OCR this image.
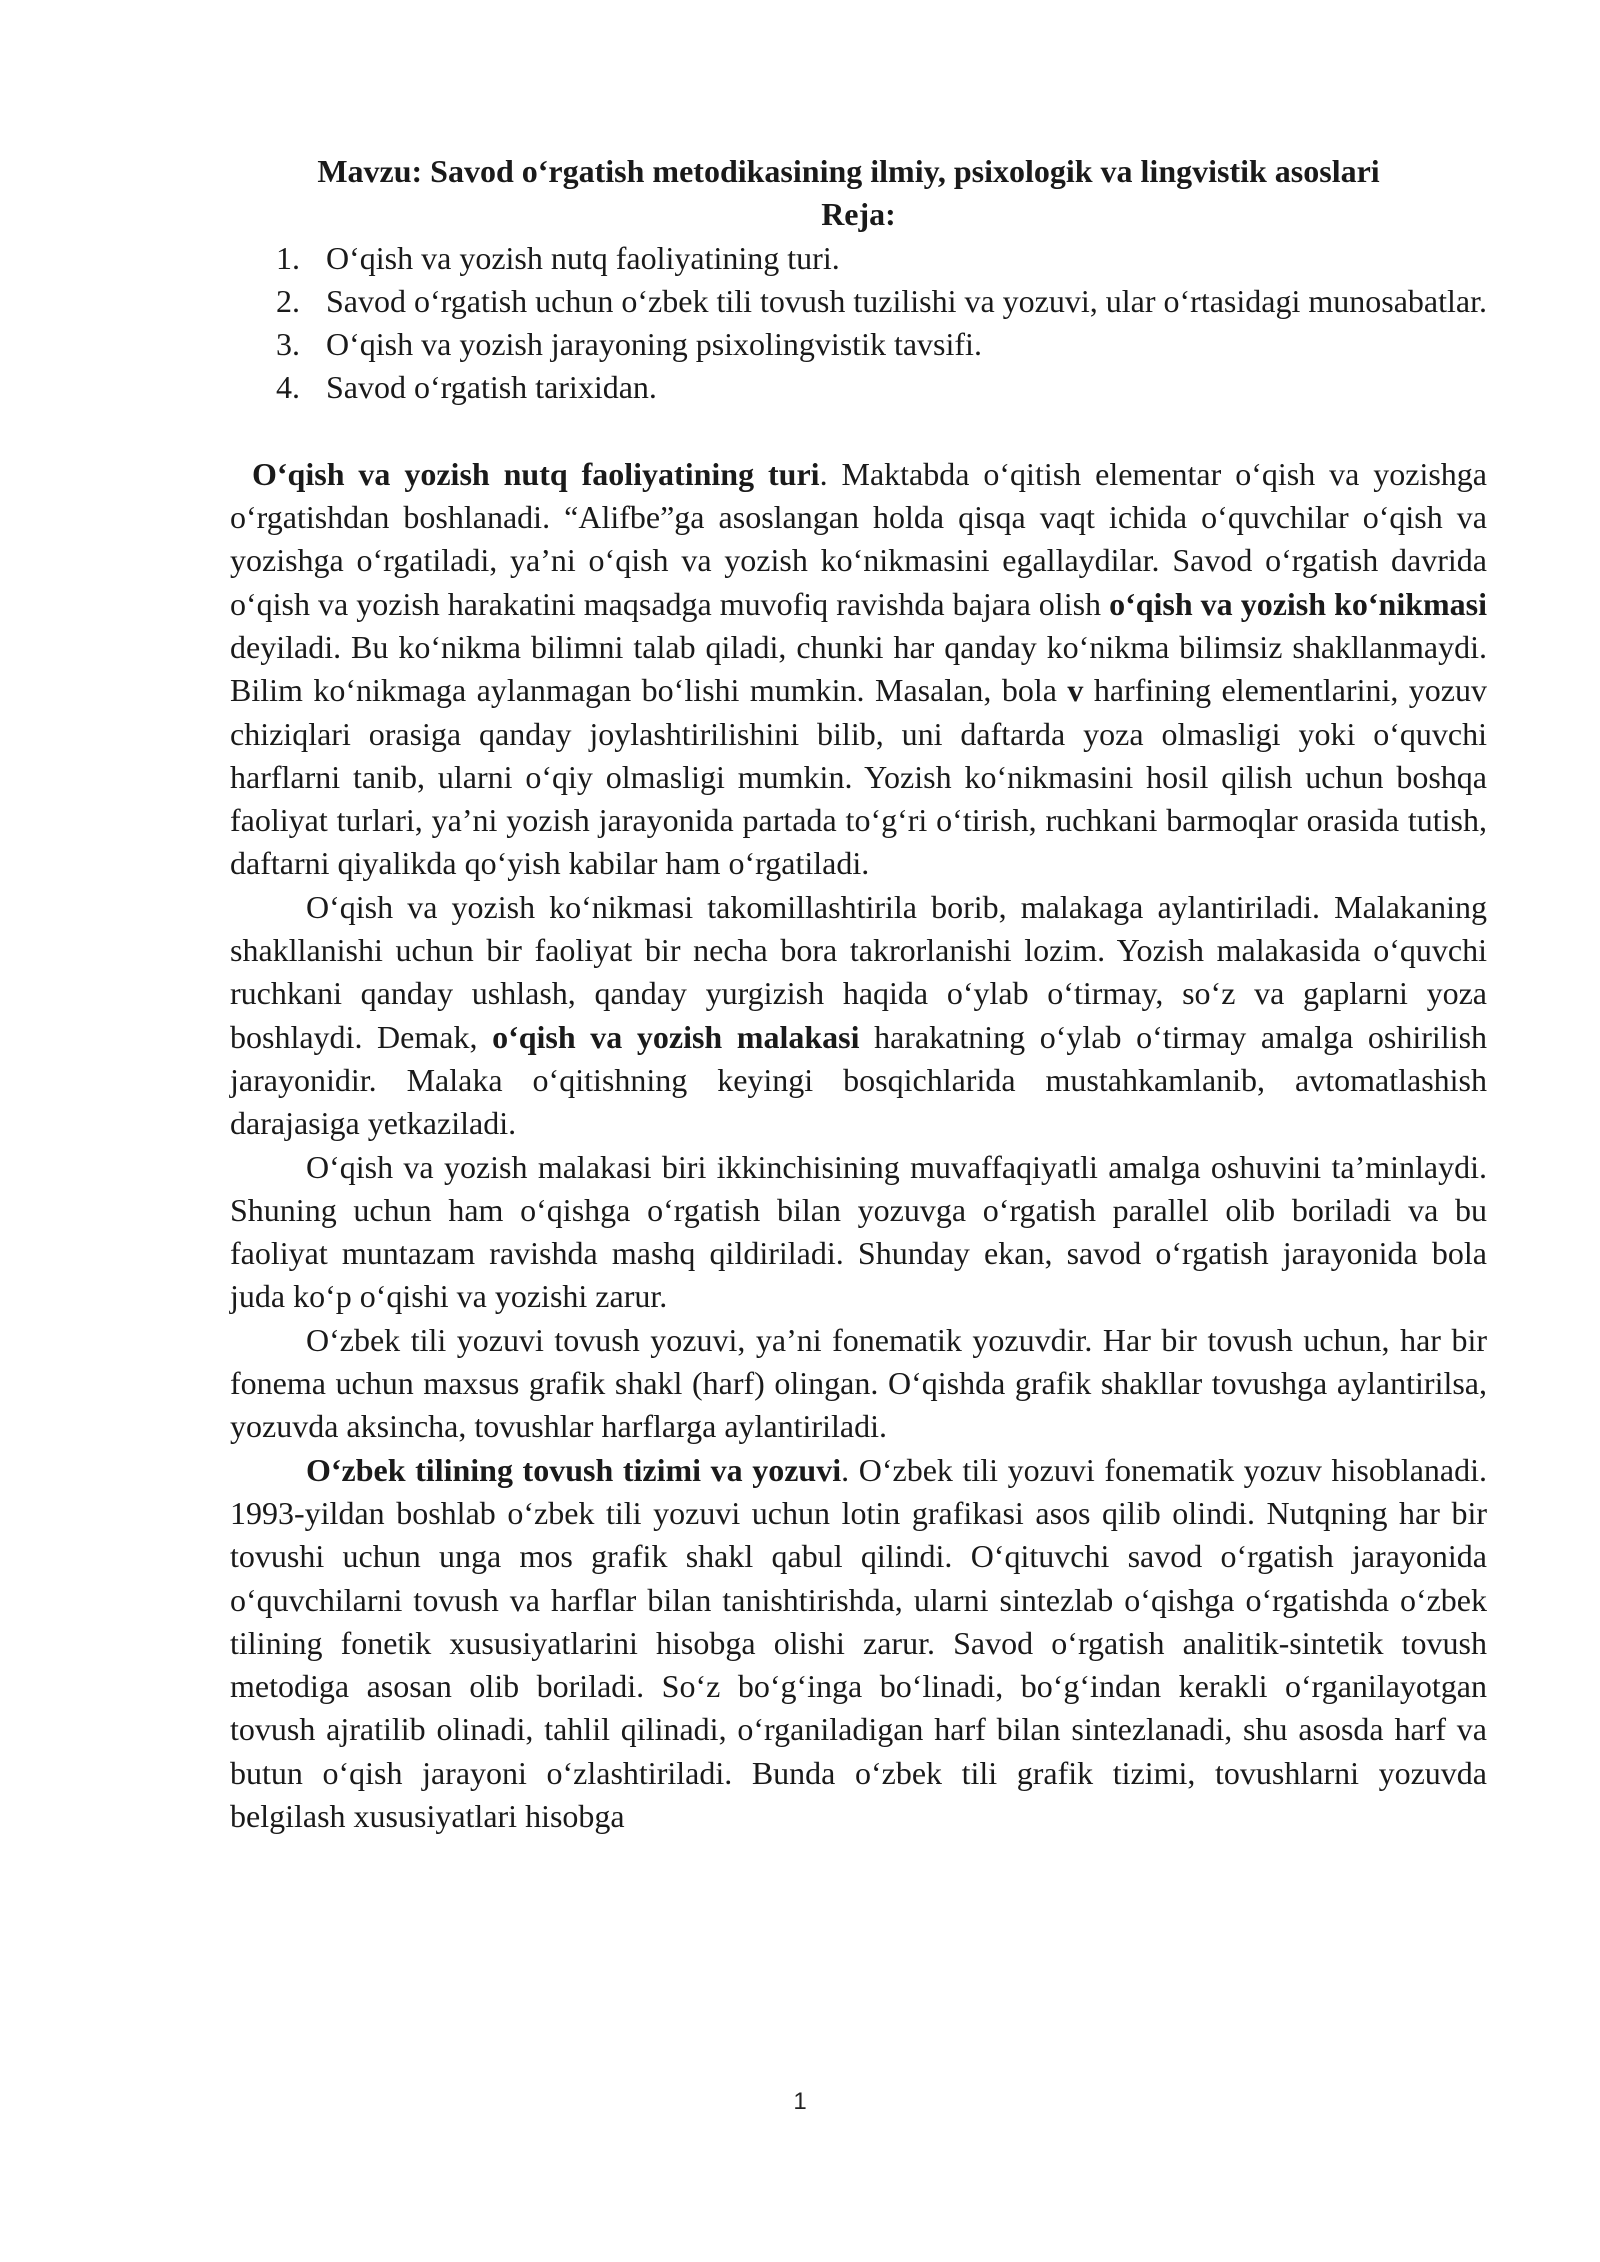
Mavzu: Savod o‘rgatish metodikasining ilmiy, psixologik va lingvistik asoslari
Reja:
1. O‘qish va yozish nutq faoliyatining turi.
2. Savod o‘rgatish uchun o‘zbek tili tovush tuzilishi va yozuvi, ular o‘rtasidagi munosabatlar.
3. O‘qish va yozish jarayoning psixolingvistik tavsifi.
4. Savod o‘rgatish tarixidan.

O‘qish va yozish nutq faoliyatining turi. Maktabda o‘qitish elementar o‘qish va yozishga o‘rgatishdan boshlanadi. “Alifbe”ga asoslangan holda qisqa vaqt ichida o‘quvchilar o‘qish va yozishga o‘rgatiladi, ya’ni o‘qish va yozish ko‘nikmasini egallaydilar. Savod o‘rgatish davrida o‘qish va yozish harakatini maqsadga muvofiq ravishda bajara olish o‘qish va yozish ko‘nikmasi deyiladi. Bu ko‘nikma bilimni talab qiladi, chunki har qanday ko‘nikma bilimsiz shakllanmaydi. Bilim ko‘nikmaga aylanmagan bo‘lishi mumkin. Masalan, bola v harfining elementlarini, yozuv chiziqlari orasiga qanday joylashtirilishini bilib, uni daftarda yoza olmasligi yoki o‘quvchi harflarni tanib, ularni o‘qiy olmasligi mumkin. Yozish ko‘nikmasini hosil qilish uchun boshqa faoliyat turlari, ya’ni yozish jarayonida partada to‘g‘ri o‘tirish, ruchkani barmoqlar orasida tutish, daftarni qiyalikda qo‘yish kabilar ham o‘rgatiladi.

O‘qish va yozish ko‘nikmasi takomillashtirila borib, malakaga aylantiriladi. Malakaning shakllanishi uchun bir faoliyat bir necha bora takrorlanishi lozim. Yozish malakasida o‘quvchi ruchkani qanday ushlash, qanday yurgizish haqida o‘ylab o‘tirmay, so‘z va gaplarni yoza boshlaydi. Demak, o‘qish va yozish malakasi harakatning o‘ylab o‘tirmay amalga oshirilish jarayonidir. Malaka o‘qitishning keyingi bosqichlarida mustahkamlanib, avtomatlashish darajasiga yetkaziladi.

O‘qish va yozish malakasi biri ikkinchisining muvaffaqiyatli amalga oshuvini ta’minlaydi. Shuning uchun ham o‘qishga o‘rgatish bilan yozuvga o‘rgatish parallel olib boriladi va bu faoliyat muntazam ravishda mashq qildiriladi. Shunday ekan, savod o‘rgatish jarayonida bola juda ko‘p o‘qishi va yozishi zarur.

O‘zbek tili yozuvi tovush yozuvi, ya’ni fonematik yozuvdir. Har bir tovush uchun, har bir fonema uchun maxsus grafik shakl (harf) olingan. O‘qishda grafik shakllar tovushga aylantirilsa, yozuvda aksincha, tovushlar harflarga aylantiriladi.

O‘zbek tilining tovush tizimi va yozuvi. O‘zbek tili yozuvi fonematik yozuv hisoblanadi. 1993-yildan boshlab o‘zbek tili yozuvi uchun lotin grafikasi asos qilib olindi. Nutqning har bir tovushi uchun unga mos grafik shakl qabul qilindi. O‘qituvchi savod o‘rgatish jarayonida o‘quvchilarni tovush va harflar bilan tanishtirishda, ularni sintezlab o‘qishga o‘rgatishda o‘zbek tilining fonetik xususiyatlarini hisobga olishi zarur. Savod o‘rgatish analitik-sintetik tovush metodiga asosan olib boriladi. So‘z bo‘g‘inga bo‘linadi, bo‘g‘indan kerakli o‘rganilayotgan tovush ajratilib olinadi, tahlil qilinadi, o‘rganiladigan harf bilan sintezlanadi, shu asosda harf va butun o‘qish jarayoni o‘zlashtiriladi. Bunda o‘zbek tili grafik tizimi, tovushlarni yozuvda belgilash xususiyatlari hisobga

1
